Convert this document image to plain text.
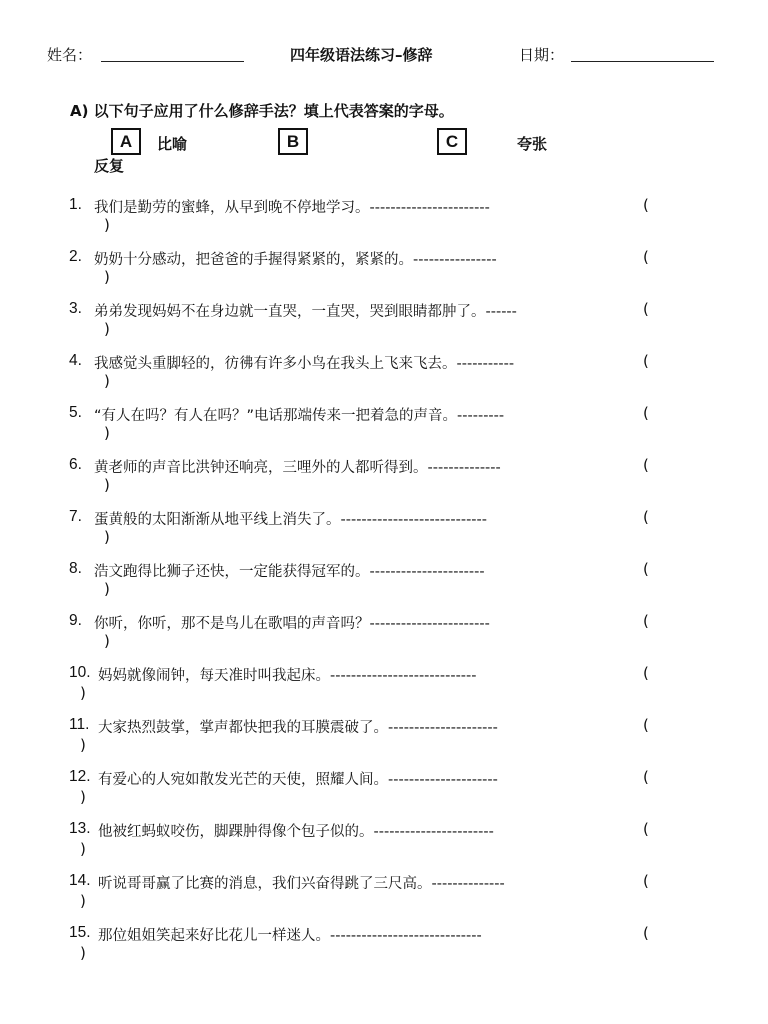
姓名：	四年级语法练习–修辞	日期：
A) 以下句子应用了什么修辞手法？填上代表答案的字母。
A	比喻	B
反复
C	夸张
1. 我们是勤劳的蜜蜂，从早到晚不停地学习。-----------------------	(
)
2. 奶奶十分感动，把爸爸的手握得紧紧的，紧紧的。----------------	(
)
3. 弟弟发现妈妈不在身边就一直哭，一直哭，哭到眼睛都肿了。------	(
)
4. 我感觉头重脚轻的，彷彿有许多小鸟在我头上飞来飞去。-----------	(
)
5. “有人在吗？有人在吗？”电话那端传来一把着急的声音。---------	(
)
6. 黄老师的声音比洪钟还响亮，三哩外的人都听得到。--------------	(
)
7. 蛋黄般的太阳渐渐从地平线上消失了。----------------------------	(
)
8. 浩文跑得比狮子还快，一定能获得冠军的。----------------------	(
)
9. 你听，你听，那不是鸟儿在歌唱的声音吗？-----------------------	(
)
10. 妈妈就像闹钟，每天准时叫我起床。----------------------------	(
)
11. 大家热烈鼓掌，掌声都快把我的耳膜震破了。---------------------	(
)
12. 有爱心的人宛如散发光芒的天使，照耀人间。---------------------	(
)
13. 他被红蚂蚁咬伤，脚踝肿得像个包子似的。-----------------------	(
)
14. 听说哥哥赢了比赛的消息，我们兴奋得跳了三尺高。--------------	(
)
15. 那位姐姐笑起来好比花儿一样迷人。-----------------------------	(
)
